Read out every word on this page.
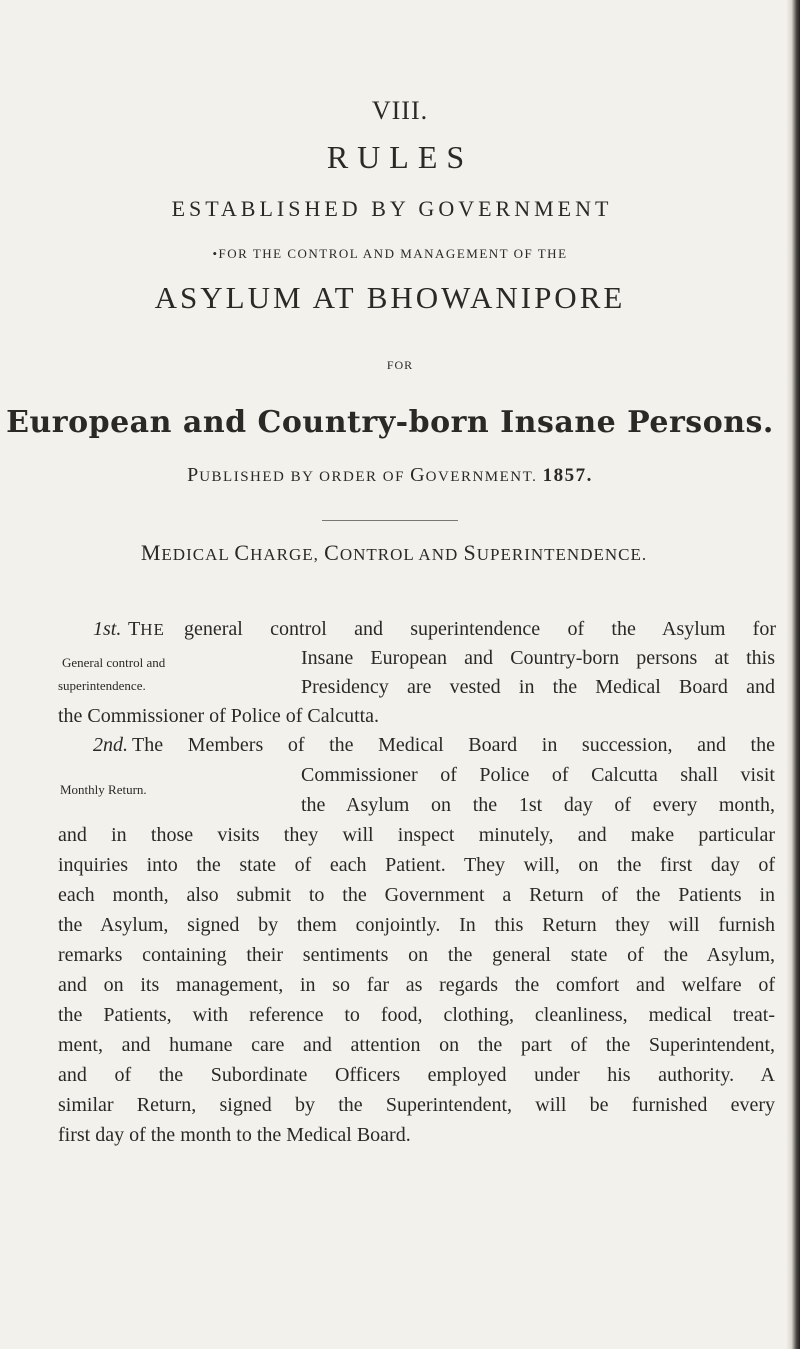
VIII.
RULES
ESTABLISHED BY GOVERNMENT
•FOR THE CONTROL AND MANAGEMENT OF THE
ASYLUM AT BHOWANIPORE
FOR
European and Country-born Insane Persons.
PUBLISHED BY ORDER OF GOVERNMENT. 1857.
MEDICAL CHARGE, CONTROL AND SUPERINTENDENCE.
1st. THE general control and superintendence of the Asylum for
Insane European and Country-born persons at this
Presidency are vested in the Medical Board and
the Commissioner of Police of Calcutta.
General control and
superintendence.
2nd. The Members of the Medical Board in succession, and the
Commissioner of Police of Calcutta shall visit
the Asylum on the 1st day of every month,
Monthly Return.
and in those visits they will inspect minutely, and make particular
inquiries into the state of each Patient. They will, on the first day of
each month, also submit to the Government a Return of the Patients in
the Asylum, signed by them conjointly. In this Return they will furnish
remarks containing their sentiments on the general state of the Asylum,
and on its management, in so far as regards the comfort and welfare of
the Patients, with reference to food, clothing, cleanliness, medical treat-
ment, and humane care and attention on the part of the Superintendent,
and of the Subordinate Officers employed under his authority. A
similar Return, signed by the Superintendent, will be furnished every
first day of the month to the Medical Board.
